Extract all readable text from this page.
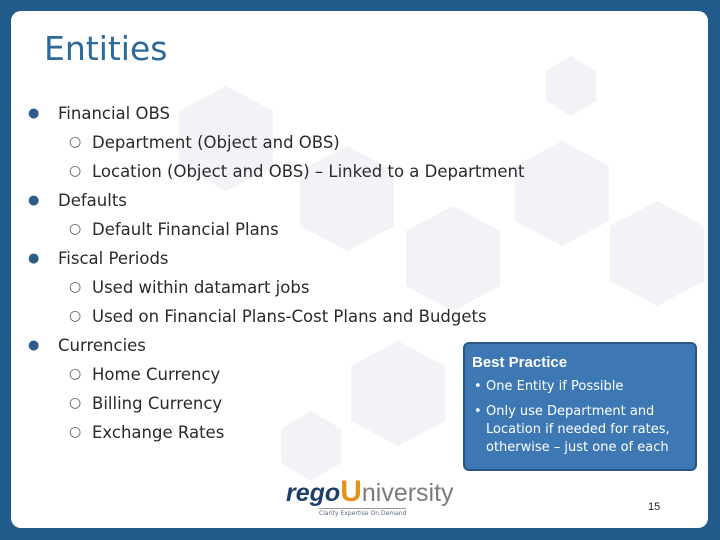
Entities
● Financial OBS
○ Department (Object and OBS)
○ Location (Object and OBS) – Linked to a Department
● Defaults
○ Default Financial Plans
● Fiscal Periods
○ Used within datamart jobs
○ Used on Financial Plans-Cost Plans and Budgets
● Currencies
○ Home Currency
○ Billing Currency
○ Exchange Rates
Best Practice
• One Entity if Possible
• Only use Department and Location if needed for rates, otherwise – just one of each
regoUniversity
Clarity Expertise On Demand
15
